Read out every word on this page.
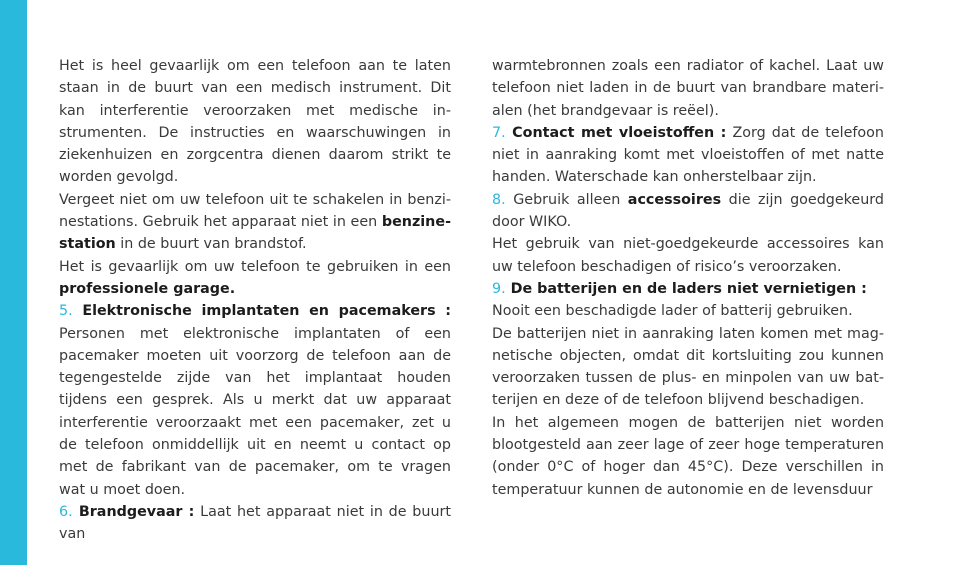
Het is heel gevaarlijk om een telefoon aan te laten staan in de buurt van een medisch instrument. Dit kan interferentie veroorzaken met medische instrumenten. De instructies en waarschuwingen in ziekenhuizen en zorgcentra dienen daarom strikt te worden gevolgd.

Vergeet niet om uw telefoon uit te schakelen in benzinestations. Gebruik het apparaat niet in een benzinestation in de buurt van brandstof.

Het is gevaarlijk om uw telefoon te gebruiken in een professionele garage.

5. Elektronische implantaten en pacemakers : Personen met elektronische implantaten of een pacemaker moeten uit voorzorg de telefoon aan de tegengestelde zijde van het implantaat houden tijdens een gesprek. Als u merkt dat uw apparaat interferentie veroorzaakt met een pacemaker, zet u de telefoon onmiddellijk uit en neemt u contact op met de fabrikant van de pacemaker, om te vragen wat u moet doen.

6. Brandgevaar : Laat het apparaat niet in de buurt van

warmtebronnen zoals een radiator of kachel. Laat uw telefoon niet laden in de buurt van brandbare materialen (het brandgevaar is reëel).

7. Contact met vloeistoffen : Zorg dat de telefoon niet in aanraking komt met vloeistoffen of met natte handen. Waterschade kan onherstelbaar zijn.

8. Gebruik alleen accessoires die zijn goedgekeurd door WIKO.

Het gebruik van niet-goedgekeurde accessoires kan uw telefoon beschadigen of risico’s veroorzaken.

9. De batterijen en de laders niet vernietigen :

Nooit een beschadigde lader of batterij gebruiken.

De batterijen niet in aanraking laten komen met magnetische objecten, omdat dit kortsluiting zou kunnen veroorzaken tussen de plus- en minpolen van uw batterijen en deze of de telefoon blijvend beschadigen.

In het algemeen mogen de batterijen niet worden blootgesteld aan zeer lage of zeer hoge temperaturen (onder 0°C of hoger dan 45°C). Deze verschillen in temperatuur kunnen de autonomie en de levensduur
